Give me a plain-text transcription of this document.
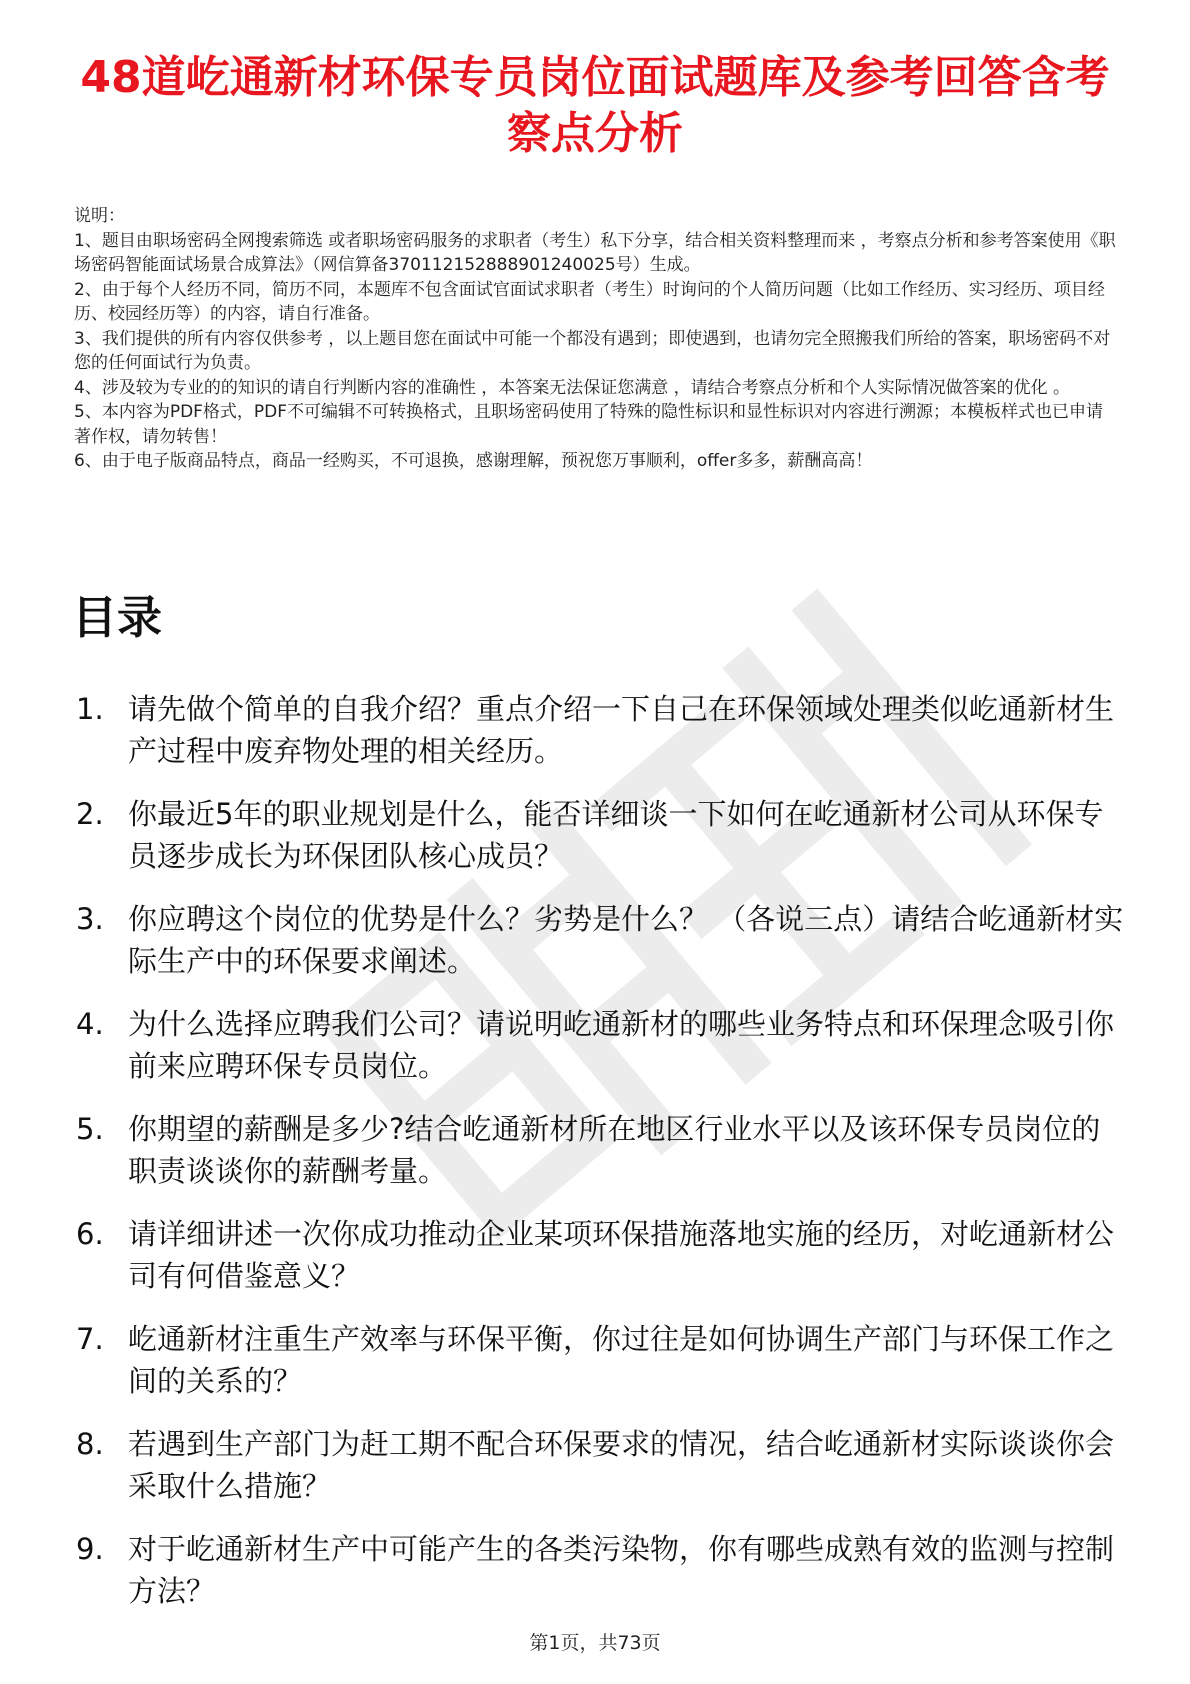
48道屹通新材环保专员岗位面试题库及参考回答含考察点分析

说明：

1、题目由职场密码全网搜索筛选 或者职场密码服务的求职者（考生）私下分享，结合相关资料整理而来 ，考察点分析和参考答案使用《职场密码智能面试场景合成算法》（网信算备370112152888901240025号）生成。

2、由于每个人经历不同，简历不同，本题库不包含面试官面试求职者（考生）时询问的个人简历问题（比如工作经历、实习经历、项目经历、校园经历等）的内容，请自行准备。

3、我们提供的所有内容仅供参考 ，以上题目您在面试中可能一个都没有遇到；即使遇到，也请勿完全照搬我们所给的答案，职场密码不对您的任何面试行为负责。

4、涉及较为专业的的知识的请自行判断内容的准确性 ，本答案无法保证您满意 ，请结合考察点分析和个人实际情况做答案的优化 。

5、本内容为PDF格式，PDF不可编辑不可转换格式，且职场密码使用了特殊的隐性标识和显性标识对内容进行溯源；本模板样式也已申请著作权，请勿转售！

6、由于电子版商品特点，商品一经购买，不可退换，感谢理解，预祝您万事顺利，offer多多，薪酬高高！

目录
1. 请先做个简单的自我介绍？重点介绍一下自己在环保领域处理类似屹通新材生产过程中废弃物处理的相关经历。
2. 你最近5年的职业规划是什么，能否详细谈一下如何在屹通新材公司从环保专员逐步成长为环保团队核心成员？
3. 你应聘这个岗位的优势是什么？劣势是什么？ （各说三点）请结合屹通新材实际生产中的环保要求阐述。
4. 为什么选择应聘我们公司？请说明屹通新材的哪些业务特点和环保理念吸引你前来应聘环保专员岗位。
5. 你期望的薪酬是多少?结合屹通新材所在地区行业水平以及该环保专员岗位的职责谈谈你的薪酬考量。
6. 请详细讲述一次你成功推动企业某项环保措施落地实施的经历，对屹通新材公司有何借鉴意义？
7. 屹通新材注重生产效率与环保平衡，你过往是如何协调生产部门与环保工作之间的关系的？
8. 若遇到生产部门为赶工期不配合环保要求的情况，结合屹通新材实际谈谈你会采取什么措施？
9. 对于屹通新材生产中可能产生的各类污染物，你有哪些成熟有效的监测与控制方法？
第1页，共73页
